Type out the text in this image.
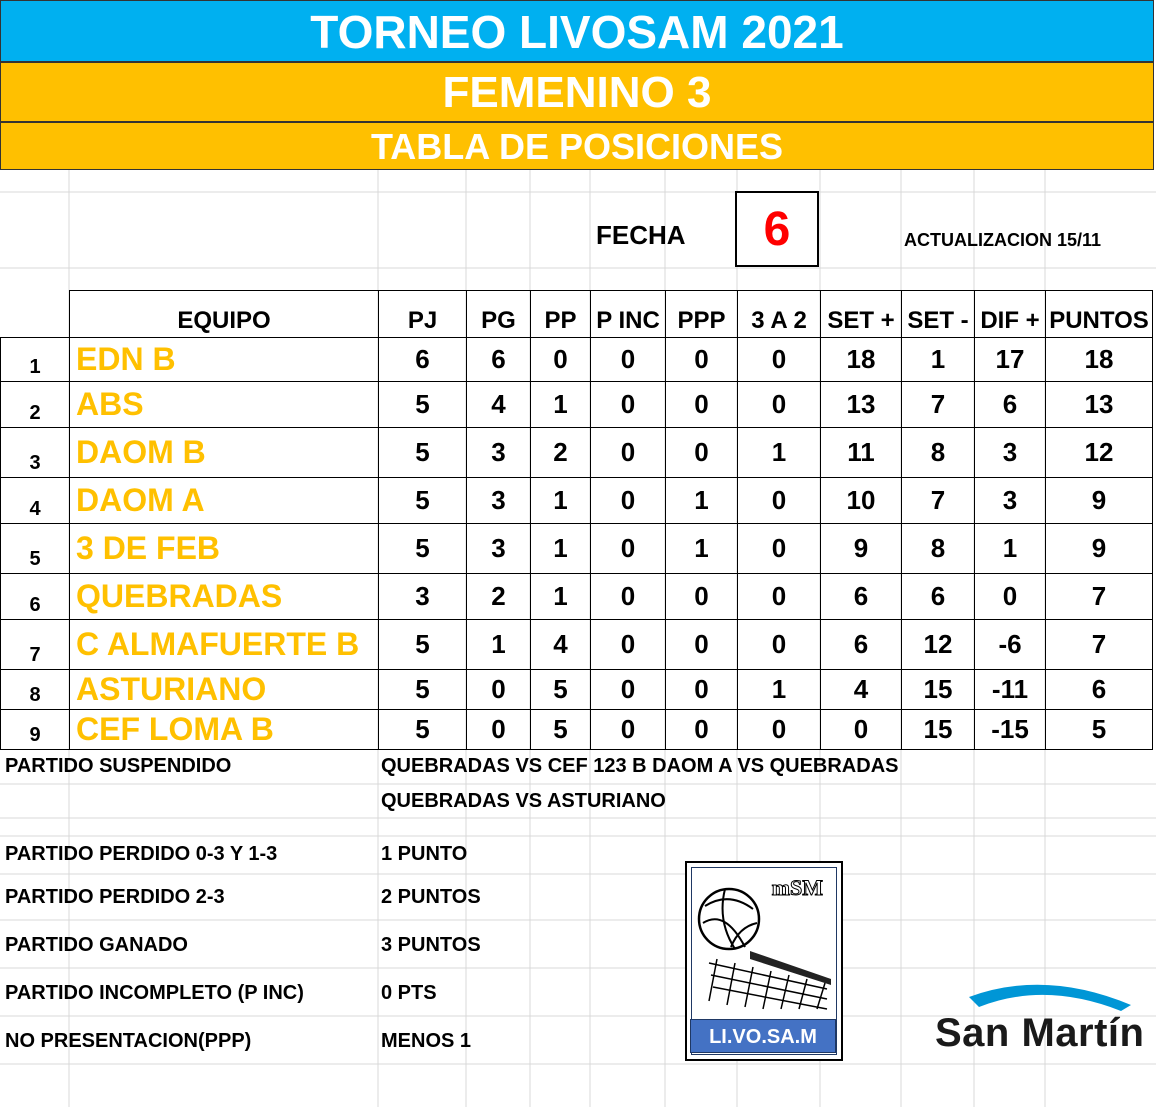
TORNEO LIVOSAM 2021
FEMENINO 3
TABLA DE POSICIONES
FECHA	6	ACTUALIZACION 15/11
	EQUIPO	PJ	PG	PP	P INC	PPP	3 A 2	SET +	SET -	DIF +	PUNTOS
1	EDN B	6	6	0	0	0	0	18	1	17	18
2	ABS	5	4	1	0	0	0	13	7	6	13
3	DAOM B	5	3	2	0	0	1	11	8	3	12
4	DAOM A	5	3	1	0	1	0	10	7	3	9
5	3 DE FEB	5	3	1	0	1	0	9	8	1	9
6	QUEBRADAS	3	2	1	0	0	0	6	6	0	7
7	C ALMAFUERTE B	5	1	4	0	0	0	6	12	-6	7
8	ASTURIANO	5	0	5	0	0	1	4	15	-11	6
9	CEF LOMA B	5	0	5	0	0	0	0	15	-15	5
PARTIDO SUSPENDIDO	QUEBRADAS VS CEF 123 B DAOM A VS QUEBRADAS
QUEBRADAS VS ASTURIANO
PARTIDO PERDIDO 0-3 Y 1-3	1 PUNTO
PARTIDO PERDIDO 2-3	2 PUNTOS
PARTIDO GANADO	3 PUNTOS
PARTIDO INCOMPLETO (P INC)	0 PTS
NO PRESENTACION(PPP)	MENOS 1
mSM
LI.VO.SA.M	San Martín
